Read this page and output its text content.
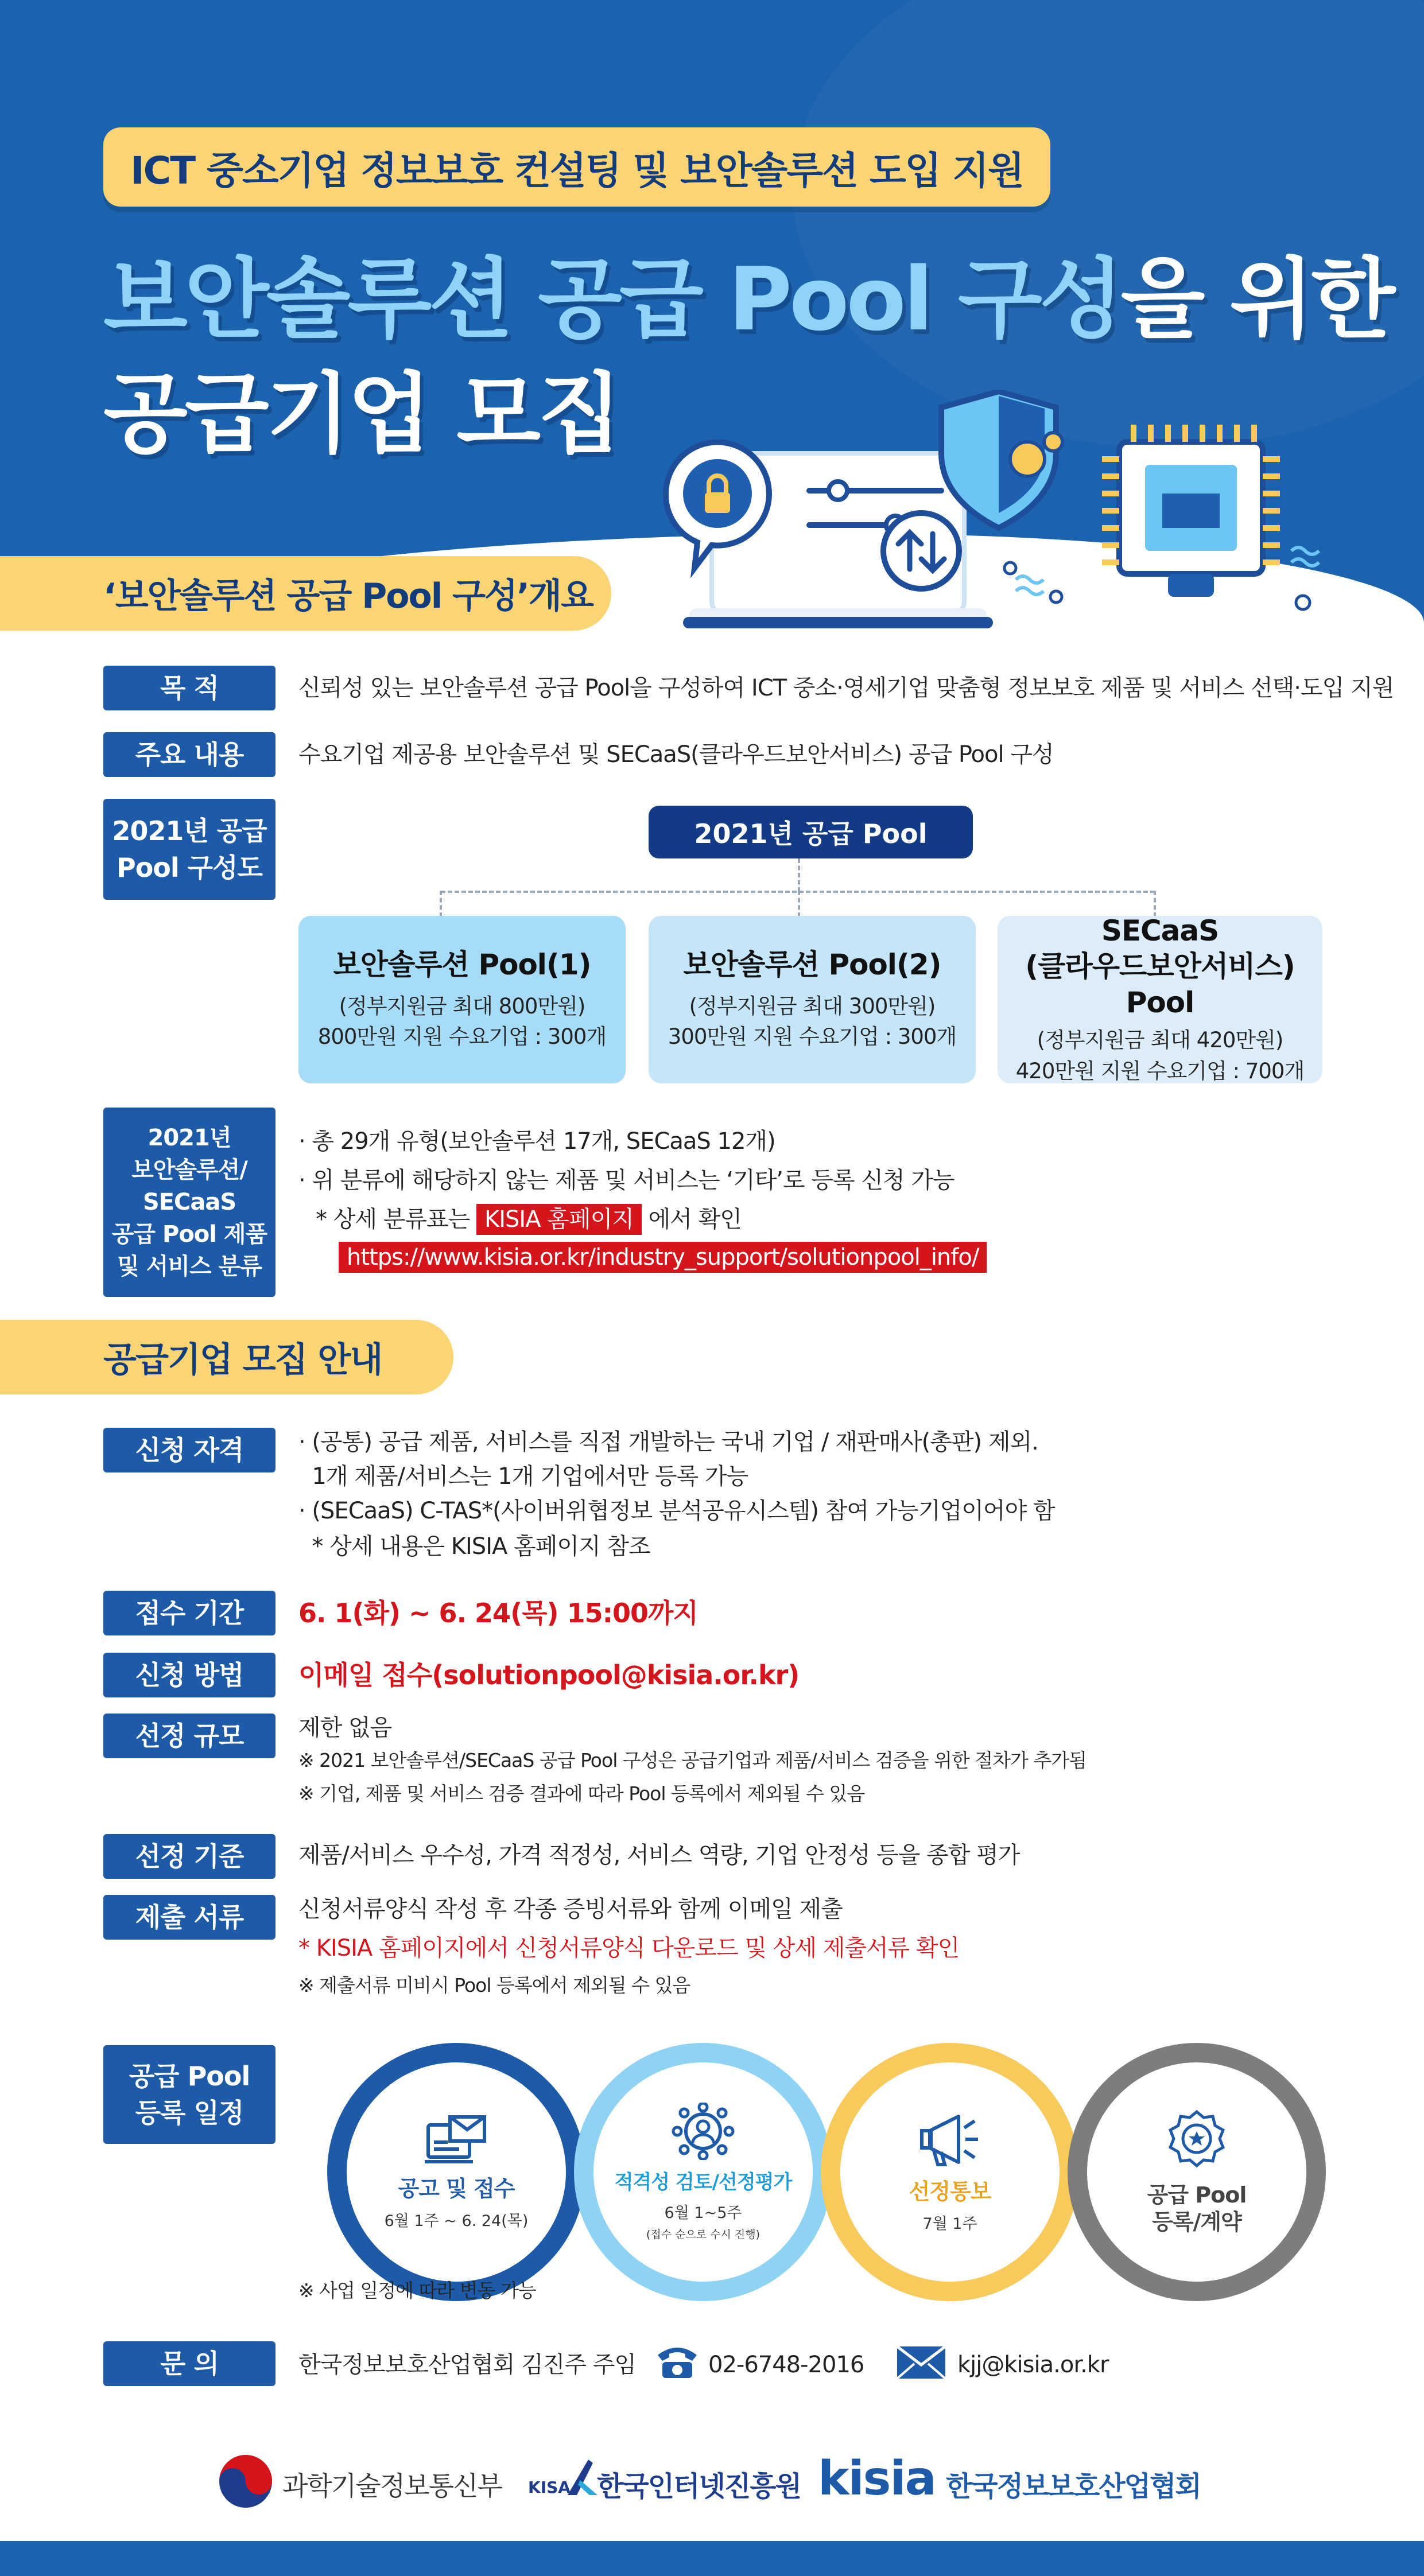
ICT 중소기업 정보보호 컨설팅 및 보안솔루션 도입 지원
보안솔루션 공급 Pool 구성을 위한
공급기업 모집
‘보안솔루션 공급 Pool 구성’개요
목 적	신뢰성 있는 보안솔루션 공급 Pool을 구성하여 ICT 중소·영세기업 맞춤형 정보보호 제품 및 서비스 선택·도입 지원
주요 내용 수요기업 제공용 보안솔루션 및 SECaaS(클라우드보안서비스) 공급 Pool 구성
2021년 공급
Pool 구성도
2021년 공급 Pool
보안솔루션 Pool(1)
(정부지원금 최대 800만원)
800만원 지원 수요기업 : 300개
보안솔루션 Pool(2)
(정부지원금 최대 300만원)
300만원 지원 수요기업 : 300개
SECaaS
(클라우드보안서비스) Pool
(정부지원금 최대 420만원)
420만원 지원 수요기업 : 700개
2021년
보안솔루션/
SECaaS
공급 Pool 제품
및 서비스 분류
· 총 29개 유형(보안솔루션 17개, SECaaS 12개)
· 위 분류에 해당하지 않는 제품 및 서비스는 ‘기타’로 등록 신청 가능
* 상세 분류표는 KISIA 홈페이지 에서 확인
https://www.kisia.or.kr/industry_support/solutionpool_info/
공급기업 모집 안내
신청 자격 · (공통) 공급 제품, 서비스를 직접 개발하는 국내 기업 / 재판매사(총판) 제외.
1개 제품/서비스는 1개 기업에서만 등록 가능
· (SECaaS) C-TAS*(사이버위협정보 분석공유시스템) 참여 가능기업이어야 함
* 상세 내용은 KISIA 홈페이지 참조
접수 기간 6. 1(화) ~ 6. 24(목) 15:00까지
신청 방법 이메일 접수(solutionpool@kisia.or.kr)
선정 규모 제한 없음
※ 2021 보안솔루션/SECaaS 공급 Pool 구성은 공급기업과 제품/서비스 검증을 위한 절차가 추가됨
※ 기업, 제품 및 서비스 검증 결과에 따라 Pool 등록에서 제외될 수 있음
선정 기준 제품/서비스 우수성, 가격 적정성, 서비스 역량, 기업 안정성 등을 종합 평가
제출 서류 신청서류양식 작성 후 각종 증빙서류와 함께 이메일 제출
* KISIA 홈페이지에서 신청서류양식 다운로드 및 상세 제출서류 확인
※ 제출서류 미비시 Pool 등록에서 제외될 수 있음
공급 Pool
등록 일정
공고 및 접수
6월 1주 ~ 6. 24(목)
적격성 검토/선정평가
6월 1~5주
(접수 순으로 수시 진행)
선정통보
7월 1주
공급 Pool
등록/계약
※ 사업 일정에 따라 변동 가능
문 의	한국정보보호산업협회 김진주 주임	02-6748-2016	kjj@kisia.or.kr
과학기술정보통신부 KISA 한국인터넷진흥원 kisia 한국정보보호산업협회
